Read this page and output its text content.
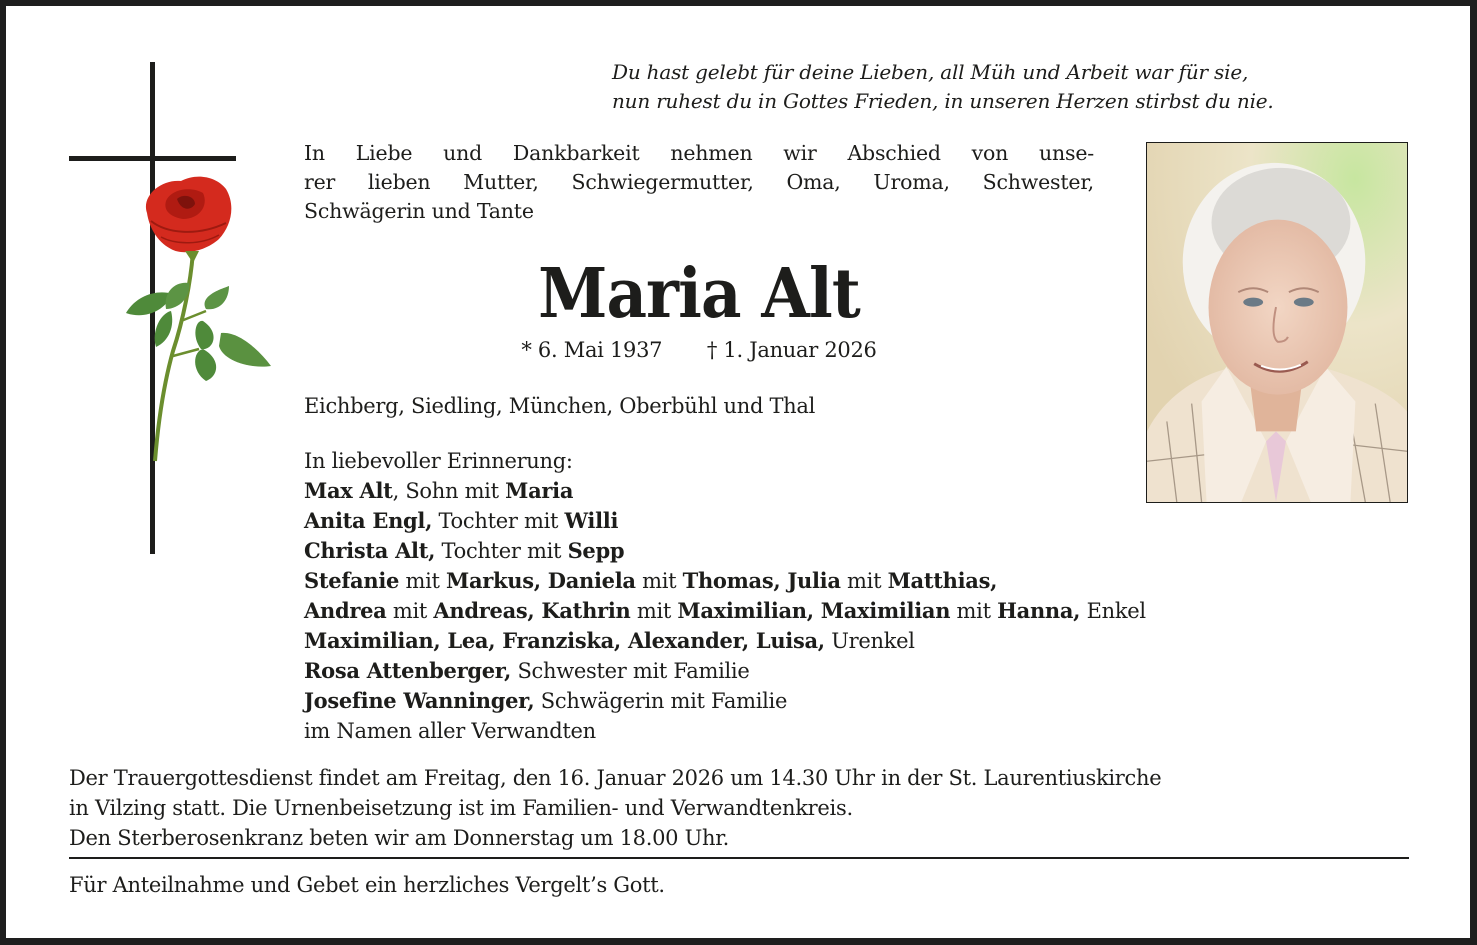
Du hast gelebt für deine Lieben, all Müh und Arbeit war für sie,
nun ruhest du in Gottes Frieden, in unseren Herzen stirbst du nie.
In Liebe und Dankbarkeit nehmen wir Abschied von unse-
rer lieben Mutter, Schwiegermutter, Oma, Uroma, Schwester,
Schwägerin und Tante
Maria Alt
* 6. Mai 1937 † 1. Januar 2026
Eichberg, Siedling, München, Oberbühl und Thal
In liebevoller Erinnerung:
Max Alt, Sohn mit Maria
Anita Engl, Tochter mit Willi
Christa Alt, Tochter mit Sepp
Stefanie mit Markus, Daniela mit Thomas, Julia mit Matthias,
Andrea mit Andreas, Kathrin mit Maximilian, Maximilian mit Hanna, Enkel
Maximilian, Lea, Franziska, Alexander, Luisa, Urenkel
Rosa Attenberger, Schwester mit Familie
Josefine Wanninger, Schwägerin mit Familie
im Namen aller Verwandten
Der Trauergottesdienst findet am Freitag, den 16. Januar 2026 um 14.30 Uhr in der St. Laurentiuskirche
in Vilzing statt. Die Urnenbeisetzung ist im Familien- und Verwandtenkreis.
Den Sterberosenkranz beten wir am Donnerstag um 18.00 Uhr.
Für Anteilnahme und Gebet ein herzliches Vergelt’s Gott.
